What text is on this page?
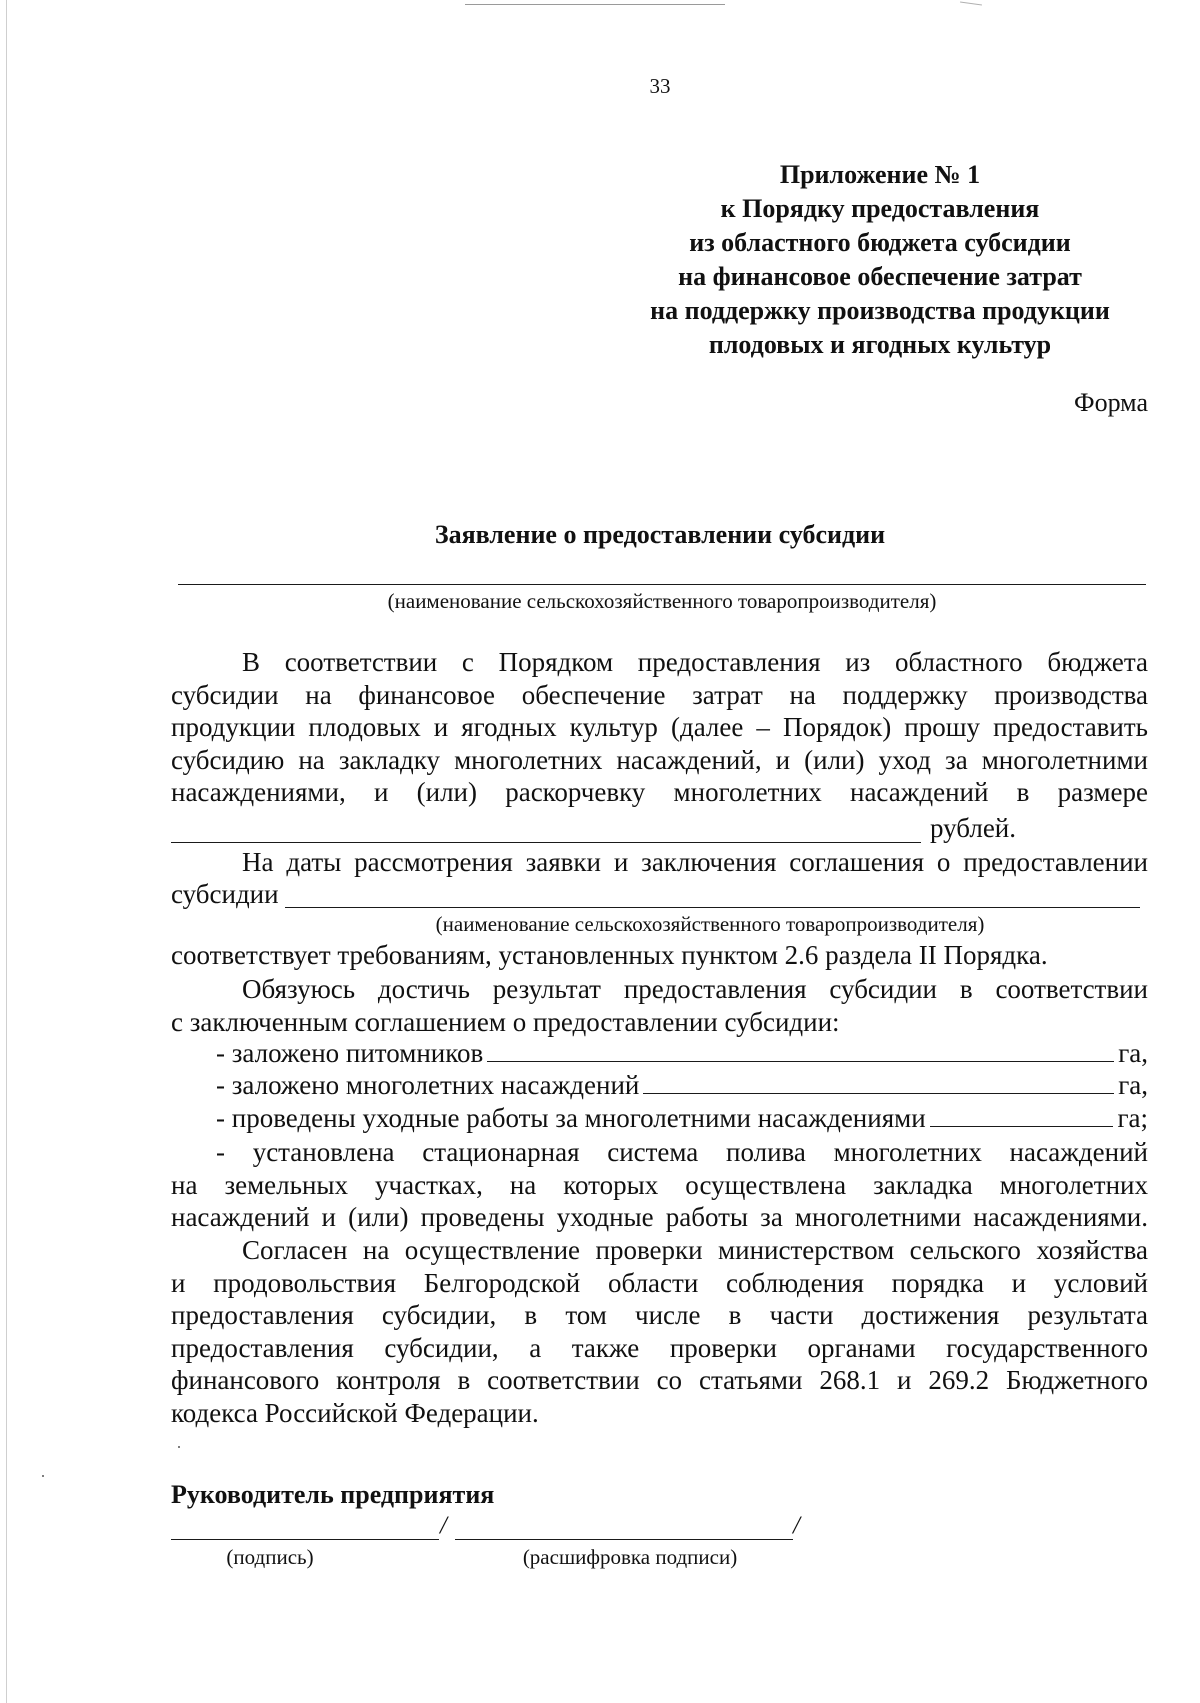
33
Приложение № 1
к Порядку предоставления
из областного бюджета субсидии
на финансовое обеспечение затрат
на поддержку производства продукции
плодовых и ягодных культур
Форма
Заявление о предоставлении субсидии
(наименование сельскохозяйственного товаропроизводителя)
В соответствии с Порядком предоставления из областного бюджета
субсидии на финансовое обеспечение затрат на поддержку производства
продукции плодовых и ягодных культур (далее – Порядок) прошу предоставить
субсидию на закладку многолетних насаждений, и (или) уход за многолетними
насаждениями, и (или) раскорчевку многолетних насаждений в размере
рублей.
На даты рассмотрения заявки и заключения соглашения о предоставлении
субсидии
(наименование сельскохозяйственного товаропроизводителя)
соответствует требованиям, установленных пунктом 2.6 раздела II Порядка.
Обязуюсь достичь результат предоставления субсидии в соответствии
с заключенным соглашением о предоставлении субсидии:
- заложено питомников	га,
- заложено многолетних насаждений	га,
- проведены уходные работы за многолетними насаждениями	га;
- установлена стационарная система полива многолетних насаждений
на земельных участках, на которых осуществлена закладка многолетних
насаждений и (или) проведены уходные работы за многолетними насаждениями.
Согласен на осуществление проверки министерством сельского хозяйства
и продовольствия Белгородской области соблюдения порядка и условий
предоставления субсидии, в том числе в части достижения результата
предоставления субсидии, а также проверки органами государственного
финансового контроля в соответствии со статьями 268.1 и 269.2 Бюджетного
кодекса Российской Федерации.
Руководитель предприятия
/	/
(подпись)	(расшифровка подписи)
